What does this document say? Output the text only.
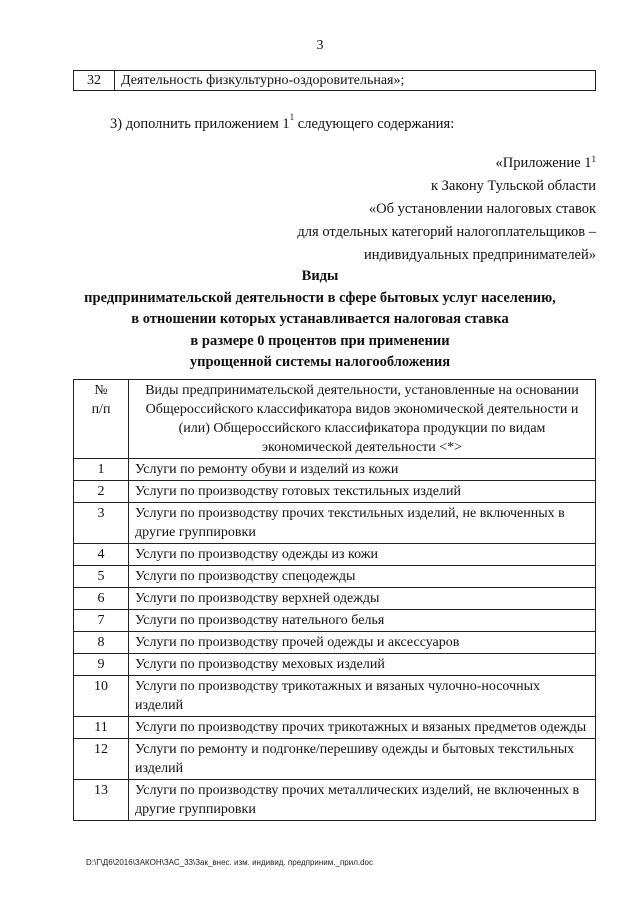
3
32	Деятельность физкультурно-оздоровительная»;
3) дополнить приложением $1^1$ следующего содержания:
«Приложение $1^1$
к Закону Тульской области
«Об установлении налоговых ставок
для отдельных категорий налогоплательщиков –
индивидуальных предпринимателей»
Виды
предпринимательской деятельности в сфере бытовых услуг населению,
в отношении которых устанавливается налоговая ставка
в размере 0 процентов при применении
упрощенной системы налогообложения
№
п/п	Виды предпринимательской деятельности, установленные на основании Общероссийского классификатора видов экономической деятельности и (или) Общероссийского классификатора продукции по видам экономической деятельности <*>
1	Услуги по ремонту обуви и изделий из кожи
2	Услуги по производству готовых текстильных изделий
3	Услуги по производству прочих текстильных изделий, не включенных в другие группировки
4	Услуги по производству одежды из кожи
5	Услуги по производству спецодежды
6	Услуги по производству верхней одежды
7	Услуги по производству нательного белья
8	Услуги по производству прочей одежды и аксессуаров
9	Услуги по производству меховых изделий
10	Услуги по производству трикотажных и вязаных чулочно-носочных изделий
11	Услуги по производству прочих трикотажных и вязаных предметов одежды
12	Услуги по ремонту и подгонке/перешиву одежды и бытовых текстильных изделий
13	Услуги по производству прочих металлических изделий, не включенных в другие группировки
D:\Г\Д6\2016\ЗАКОН\ЗАС_33\Зак_внес. изм. индивид. предприним._прил.doc
